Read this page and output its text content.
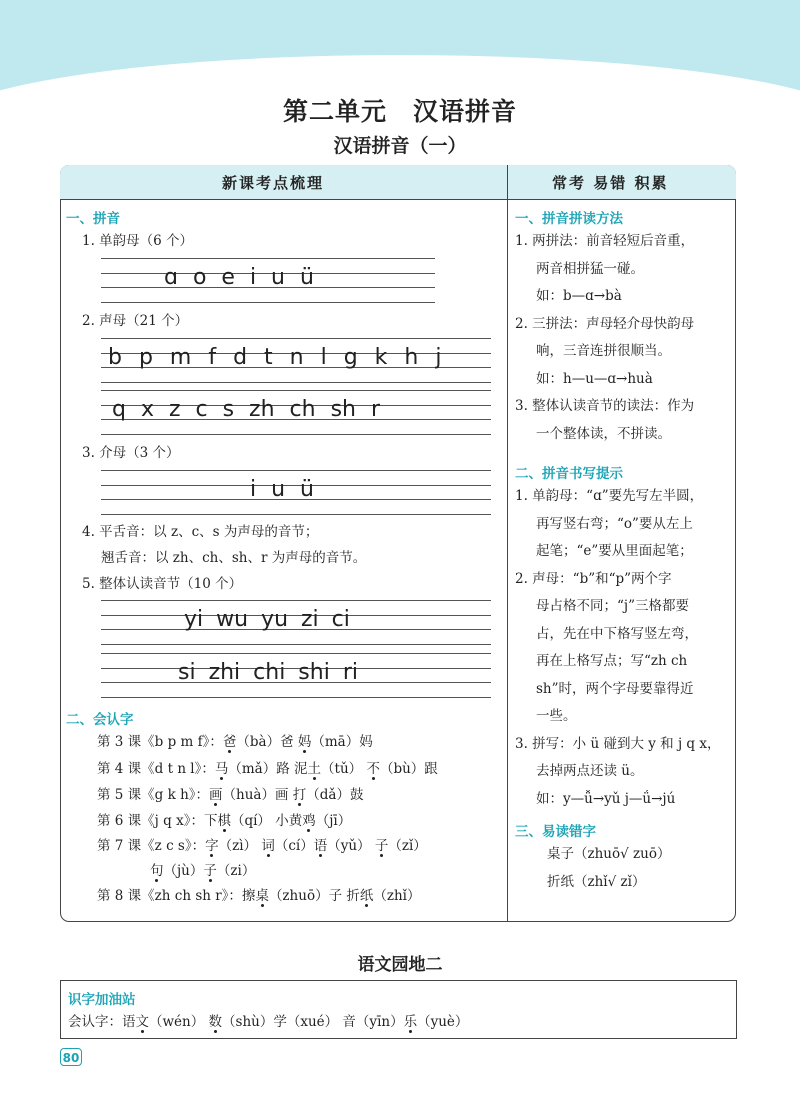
第二单元 汉语拼音
汉语拼音（一）
新课考点梳理	常考 易错 积累
一、拼音
1. 单韵母（6 个）
ɑ o e i u ü
2. 声母（21 个）
b p m f d t n l g k h j
q x z c s zh ch sh r
3. 介母（3 个）
i u ü
4. 平舌音：以 z、c、s 为声母的音节；
翘舌音：以 zh、ch、sh、r 为声母的音节。
5. 整体认读音节（10 个）
yi wu yu zi ci
si zhi chi shi ri
二、会认字
第 3 课《b p m f》：爸（bà）爸 妈（mā）妈
第 4 课《d t n l》：马（mǎ）路 泥土（tǔ） 不（bù）跟
第 5 课《g k h》：画（huà）画 打（dǎ）鼓
第 6 课《j q x》：下棋（qí） 小黄鸡（jī）
第 7 课《z c s》：字（zì） 词（cí）语（yǔ） 子（zǐ）
句（jù）子（zi）
第 8 课《zh ch sh r》：擦桌（zhuō）子 折纸（zhǐ）
一、拼音拼读方法
1. 两拼法：前音轻短后音重，
两音相拼猛一碰。
如：b—ɑ→bà
2. 三拼法：声母轻介母快韵母
响，三音连拼很顺当。
如：h—u—ɑ→huà
3. 整体认读音节的读法：作为
一个整体读，不拼读。
二、拼音书写提示
1. 单韵母：“ɑ”要先写左半圆，
再写竖右弯；“o”要从左上
起笔；“e”要从里面起笔；
2. 声母：“b”和“p”两个字
母占格不同；“j”三格都要
占，先在中下格写竖左弯，
再在上格写点；写“zh ch
sh”时，两个字母要靠得近
一些。
3. 拼写：小 ü 碰到大 y 和 j q x，
去掉两点还读 ü。
如：y—ǚ→yǔ j—ǘ→jú
三、易读错字
桌子（zhuō√ zuō）
折纸（zhǐ√ zǐ）
语文园地二
识字加油站
会认字：语文（wén） 数（shù）学（xué） 音（yīn）乐（yuè）
80
